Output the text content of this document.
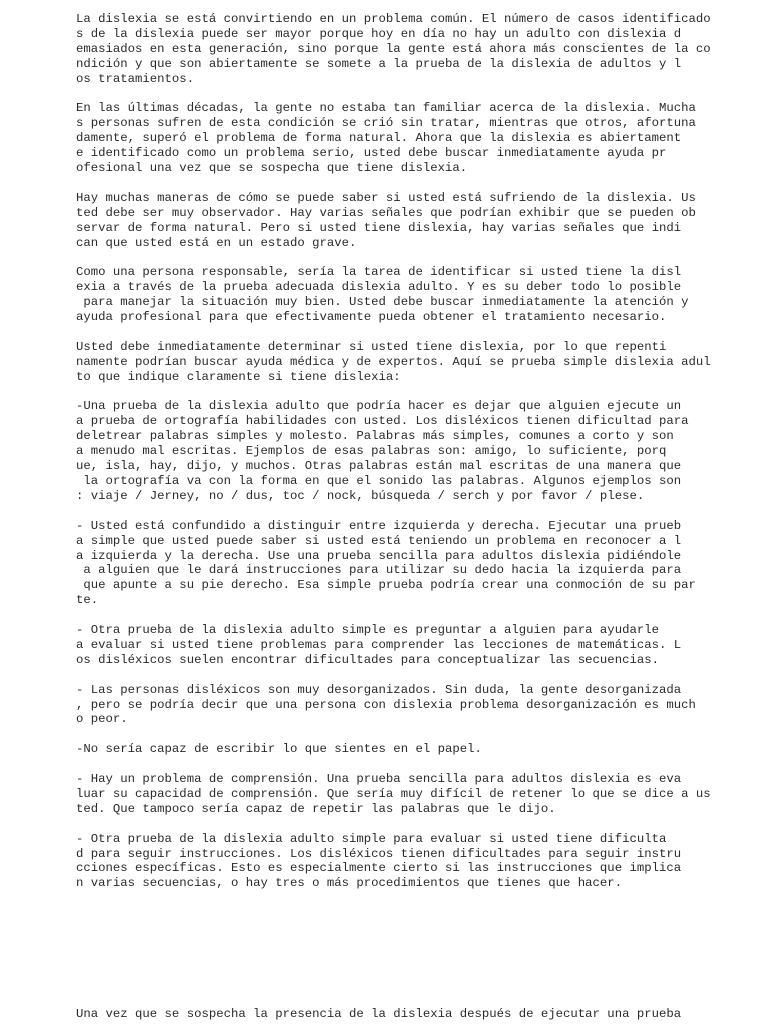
La dislexia se está convirtiendo en un problema común. El número de casos identificado
s de la dislexia puede ser mayor porque hoy en día no hay un adulto con dislexia d
emasiados en esta generación, sino porque la gente está ahora más conscientes de la co
ndición y que son abiertamente se somete a la prueba de la dislexia de adultos y l
os tratamientos.
En las últimas décadas, la gente no estaba tan familiar acerca de la dislexia. Mucha
s personas sufren de esta condición se crió sin tratar, mientras que otros, afortuna
damente, superó el problema de forma natural. Ahora que la dislexia es abiertament
e identificado como un problema serio, usted debe buscar inmediatamente ayuda pr
ofesional una vez que se sospecha que tiene dislexia.
Hay muchas maneras de cómo se puede saber si usted está sufriendo de la dislexia. Us
ted debe ser muy observador. Hay varias señales que podrían exhibir que se pueden ob
servar de forma natural. Pero si usted tiene dislexia, hay varias señales que indi
can que usted está en un estado grave.
Como una persona responsable, sería la tarea de identificar si usted tiene la disl
exia a través de la prueba adecuada dislexia adulto. Y es su deber todo lo posible
para manejar la situación muy bien. Usted debe buscar inmediatamente la atención y
ayuda profesional para que efectivamente pueda obtener el tratamiento necesario.
Usted debe inmediatamente determinar si usted tiene dislexia, por lo que repenti
namente podrían buscar ayuda médica y de expertos. Aquí se prueba simple dislexia adul
to que indique claramente si tiene dislexia:
-Una prueba de la dislexia adulto que podría hacer es dejar que alguien ejecute un
a prueba de ortografía habilidades con usted. Los disléxicos tienen dificultad para
deletrear palabras simples y molesto. Palabras más simples, comunes a corto y son
a menudo mal escritas. Ejemplos de esas palabras son: amigo, lo suficiente, porq
ue, isla, hay, dijo, y muchos. Otras palabras están mal escritas de una manera que
la ortografía va con la forma en que el sonido las palabras. Algunos ejemplos son
: viaje / Jerney, no / dus, toc / nock, búsqueda / serch y por favor / plese.
- Usted está confundido a distinguir entre izquierda y derecha. Ejecutar una prueb
a simple que usted puede saber si usted está teniendo un problema en reconocer a l
a izquierda y la derecha. Use una prueba sencilla para adultos dislexia pidiéndole
a alguien que le dará instrucciones para utilizar su dedo hacia la izquierda para
que apunte a su pie derecho. Esa simple prueba podría crear una conmoción de su par
te.
- Otra prueba de la dislexia adulto simple es preguntar a alguien para ayudarle
a evaluar si usted tiene problemas para comprender las lecciones de matemáticas. L
os disléxicos suelen encontrar dificultades para conceptualizar las secuencias.
- Las personas disléxicos son muy desorganizados. Sin duda, la gente desorganizada
, pero se podría decir que una persona con dislexia problema desorganización es much
o peor.
-No sería capaz de escribir lo que sientes en el papel.
- Hay un problema de comprensión. Una prueba sencilla para adultos dislexia es eva
luar su capacidad de comprensión. Que sería muy difícil de retener lo que se dice a us
ted. Que tampoco sería capaz de repetir las palabras que le dijo.
- Otra prueba de la dislexia adulto simple para evaluar si usted tiene dificulta
d para seguir instrucciones. Los disléxicos tienen dificultades para seguir instru
cciones específicas. Esto es especialmente cierto si las instrucciones que implica
n varias secuencias, o hay tres o más procedimientos que tienes que hacer.
Una vez que se sospecha la presencia de la dislexia después de ejecutar una prueba
